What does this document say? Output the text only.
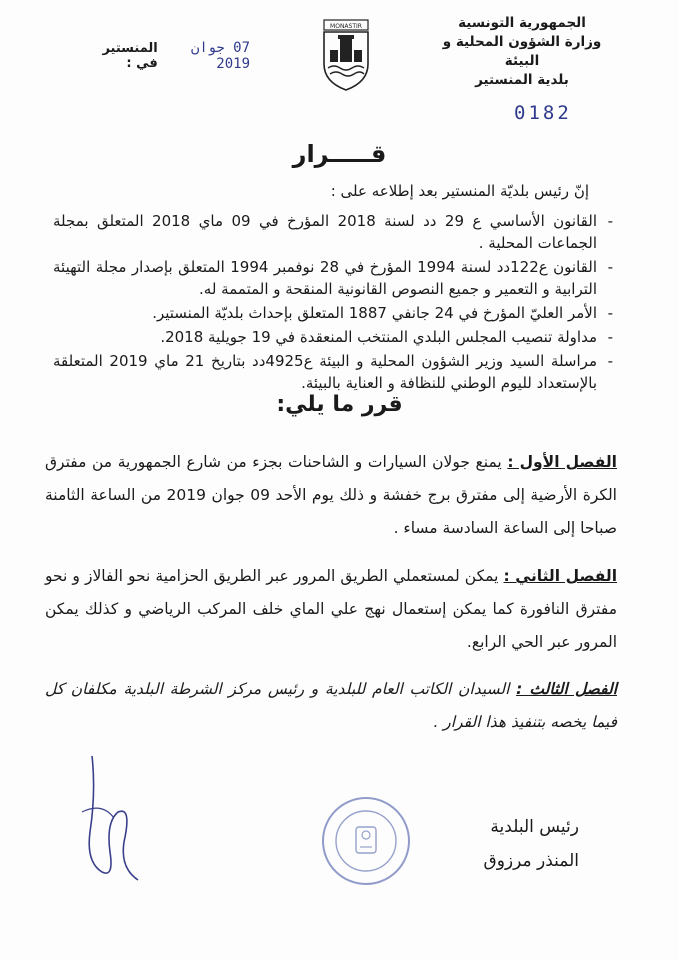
الجمهورية التونسية
وزارة الشؤون المحلية و البيئة
بلدية المنستير
MONASTIR
المنستير في :
07 جوان 2019
0182
قـــــرار
إنّ رئيس بلديّة المنستير بعد إطلاعه على :
- القانون الأساسي ع 29 دد لسنة 2018 المؤرخ في 09 ماي 2018 المتعلق بمجلة الجماعات المحلية .
- القانون ع122دد لسنة 1994 المؤرخ في 28 نوفمبر 1994 المتعلق بإصدار مجلة التهيئة الترابية و التعمير و جميع النصوص القانونية المنقحة و المتممة له.
- الأمر العليّ المؤرخ في 24 جانفي 1887 المتعلق بإحداث بلديّة المنستير.
- مداولة تنصيب المجلس البلدي المنتخب المنعقدة في 19 جويلية 2018.
- مراسلة السيد وزير الشؤون المحلية و البيئة ع4925دد بتاريخ 21 ماي 2019 المتعلقة بالإستعداد لليوم الوطني للنظافة و العناية بالبيئة.
قرر ما يلي:
الفصل الأول : يمنع جولان السيارات و الشاحنات بجزء من شارع الجمهورية من مفترق الكرة الأرضية إلى مفترق برج خفشة و ذلك يوم الأحد 09 جوان 2019 من الساعة الثامنة صباحا إلى الساعة السادسة مساء .
الفصل الثاني : يمكن لمستعملي الطريق المرور عبر الطريق الحزامية نحو الفالاز و نحو مفترق النافورة كما يمكن إستعمال نهج علي الماي خلف المركب الرياضي و كذلك يمكن المرور عبر الحي الرابع.
الفصل الثالث : السيدان الكاتب العام للبلدية و رئيس مركز الشرطة البلدية مكلفان كل فيما يخصه بتنفيذ هذا القرار .
رئيس البلدية
المنذر مرزوق
